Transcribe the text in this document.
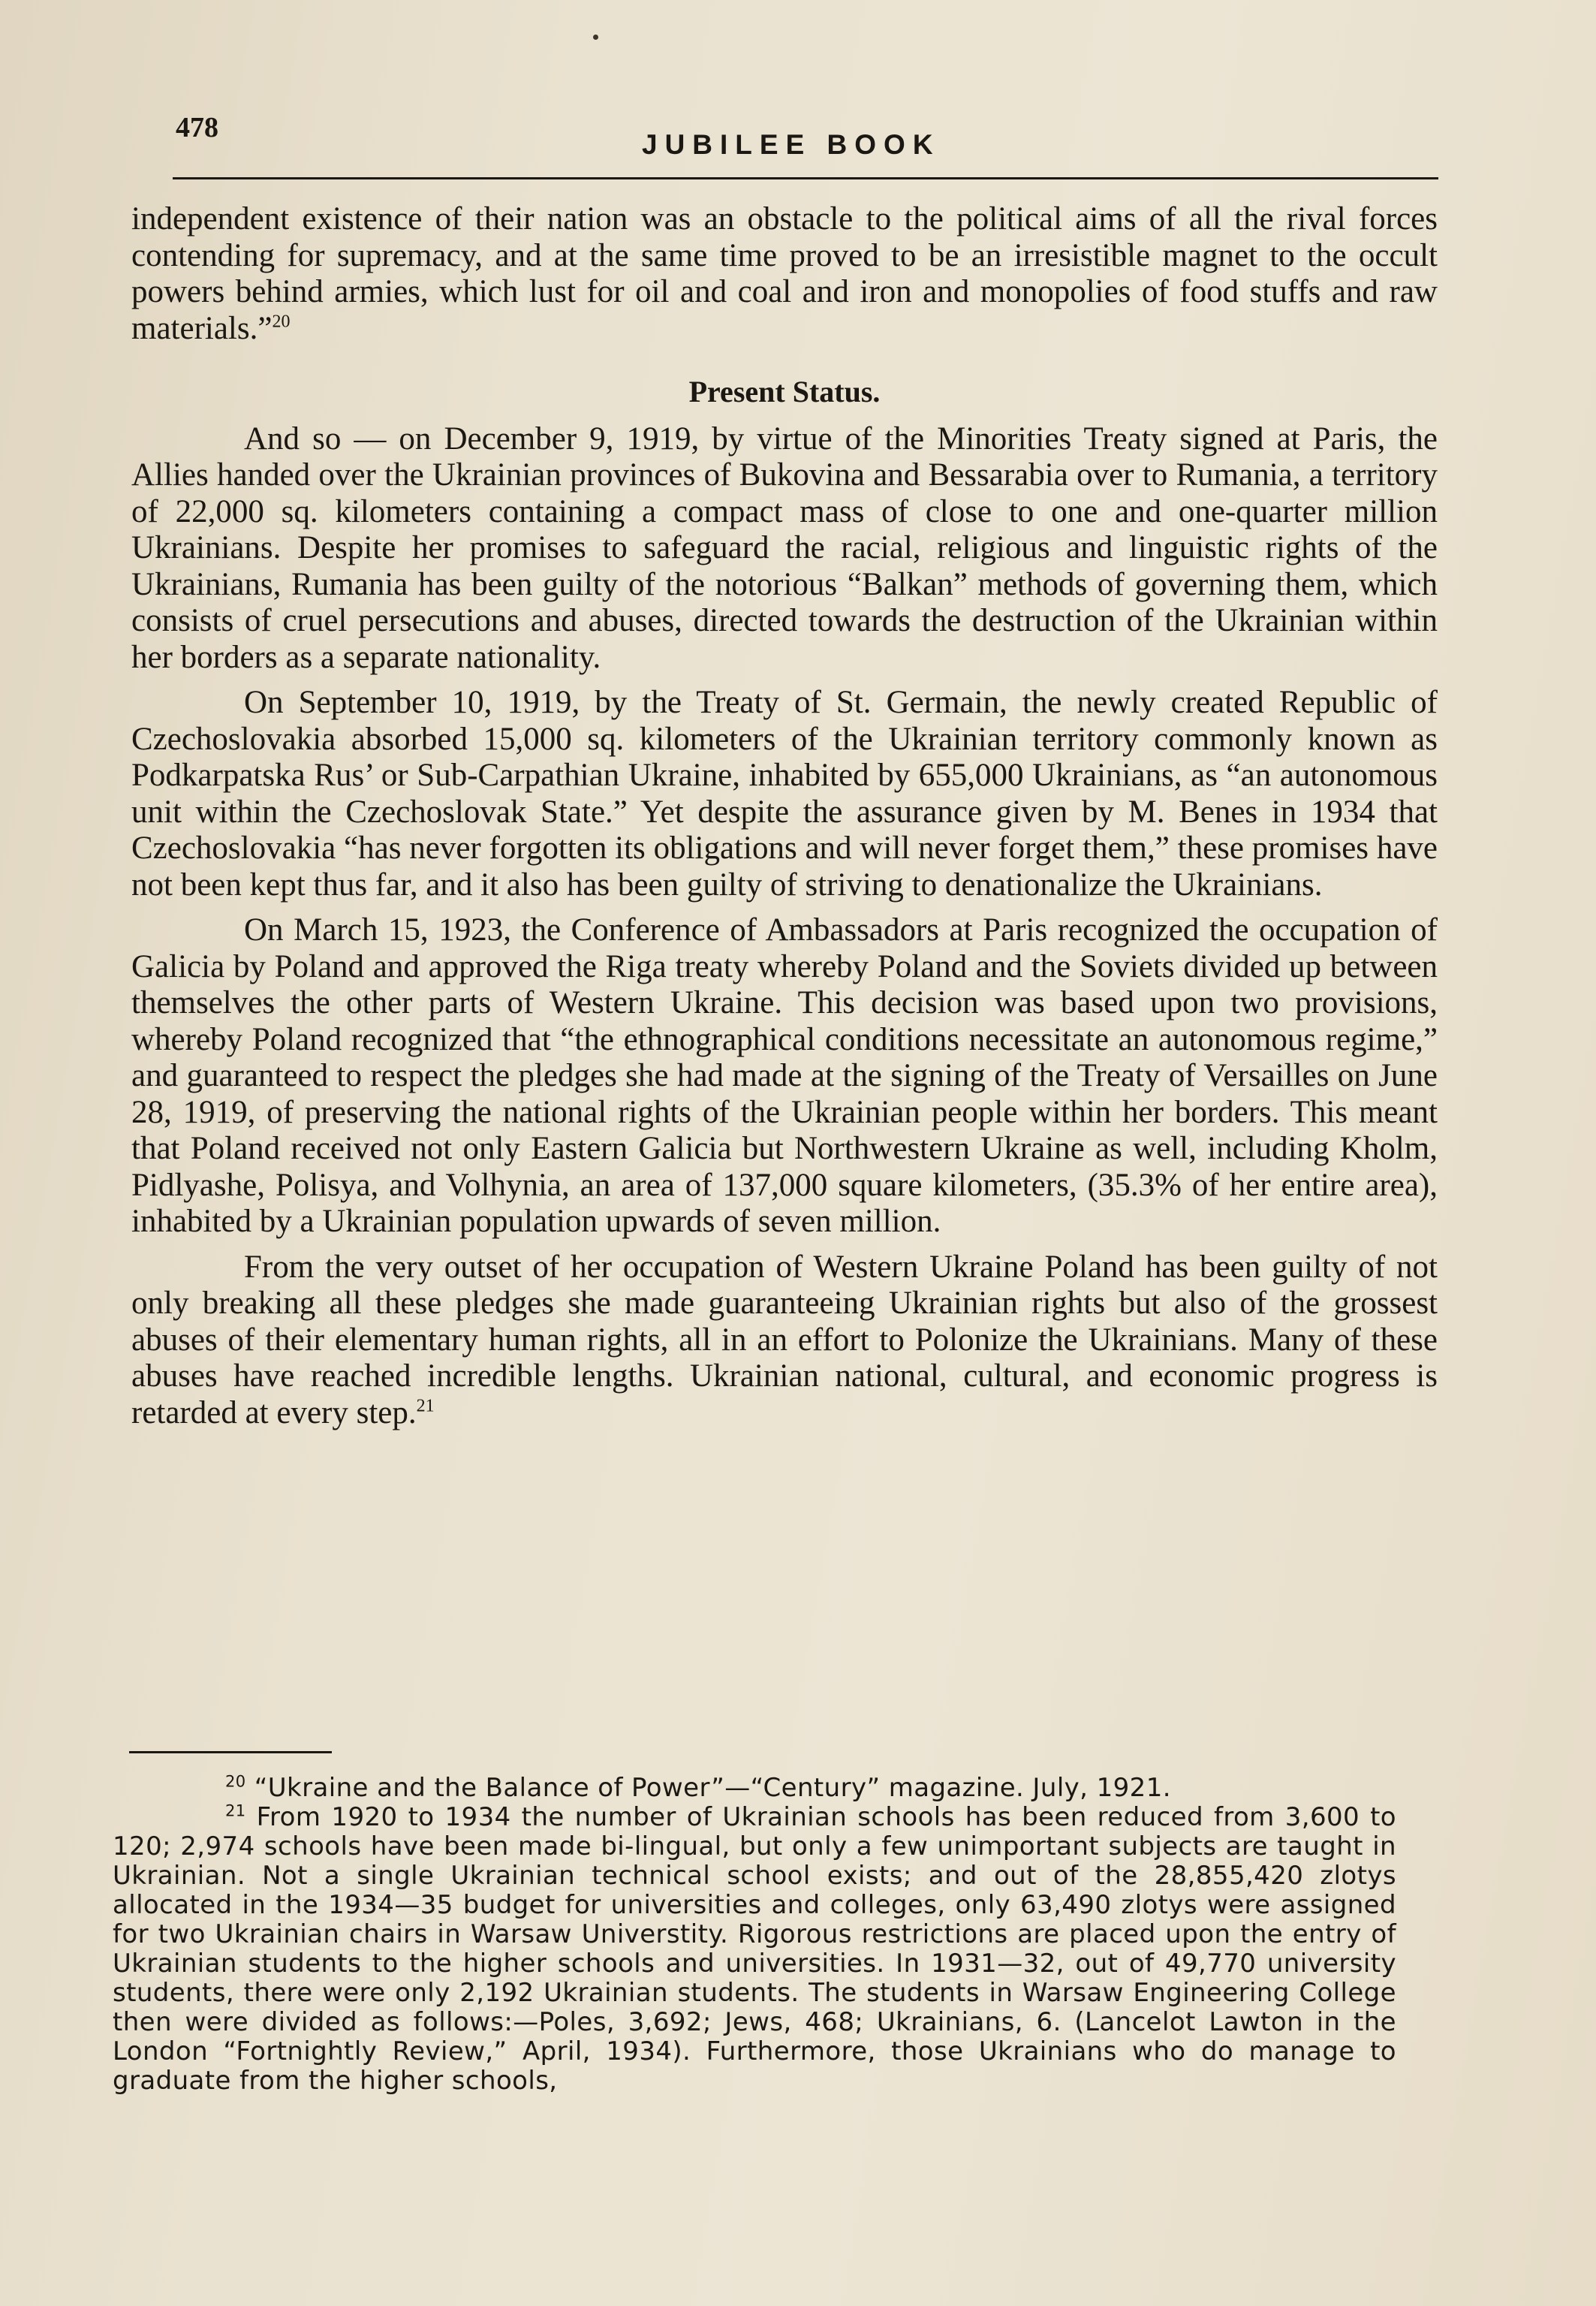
478
JUBILEE BOOK

independent existence of their nation was an obstacle to the political aims of all the rival forces contending for supremacy, and at the same time proved to be an irresistible magnet to the occult powers behind armies, which lust for oil and coal and iron and monopolies of food stuffs and raw materials.”$^{20}$

Present Status.

And so — on December 9, 1919, by virtue of the Minorities Treaty signed at Paris, the Allies handed over the Ukrainian provinces of Bukovina and Bessarabia over to Rumania, a territory of 22,000 sq. kilometers containing a compact mass of close to one and one-quarter million Ukrainians. Despite her promises to safeguard the racial, religious and linguistic rights of the Ukrainians, Rumania has been guilty of the notorious “Balkan” methods of governing them, which consists of cruel persecutions and abuses, directed towards the destruction of the Ukrainian within her borders as a separate nationality.

On September 10, 1919, by the Treaty of St. Germain, the newly created Republic of Czechoslovakia absorbed 15,000 sq. kilometers of the Ukrainian territory commonly known as Podkarpatska Rus’ or Sub-Carpathian Ukraine, inhabited by 655,000 Ukrainians, as “an autonomous unit within the Czechoslovak State.” Yet despite the assurance given by M. Benes in 1934 that Czechoslovakia “has never forgotten its obligations and will never forget them,” these promises have not been kept thus far, and it also has been guilty of striving to denationalize the Ukrainians.

On March 15, 1923, the Conference of Ambassadors at Paris recognized the occupation of Galicia by Poland and approved the Riga treaty whereby Poland and the Soviets divided up between themselves the other parts of Western Ukraine. This decision was based upon two provisions, whereby Poland recognized that “the ethnographical conditions necessitate an autonomous regime,” and guaranteed to respect the pledges she had made at the signing of the Treaty of Versailles on June 28, 1919, of preserving the national rights of the Ukrainian people within her borders. This meant that Poland received not only Eastern Galicia but Northwestern Ukraine as well, including Kholm, Pidlyashe, Polisya, and Volhynia, an area of 137,000 square kilometers, (35.3% of her entire area), inhabited by a Ukrainian population upwards of seven million.

From the very outset of her occupation of Western Ukraine Poland has been guilty of not only breaking all these pledges she made guaranteeing Ukrainian rights but also of the grossest abuses of their elementary human rights, all in an effort to Polonize the Ukrainians. Many of these abuses have reached incredible lengths. Ukrainian national, cultural, and economic progress is retarded at every step.$^{21}$

$^{20}$ “Ukraine and the Balance of Power”—“Century” magazine. July, 1921.

$^{21}$ From 1920 to 1934 the number of Ukrainian schools has been reduced from 3,600 to 120; 2,974 schools have been made bi-lingual, but only a few unimportant subjects are taught in Ukrainian. Not a single Ukrainian technical school exists; and out of the 28,855,420 zlotys allocated in the 1934—35 budget for universities and colleges, only 63,490 zlotys were assigned for two Ukrainian chairs in Warsaw Universtity. Rigorous restrictions are placed upon the entry of Ukrainian students to the higher schools and universities. In 1931—32, out of 49,770 university students, there were only 2,192 Ukrainian students. The students in Warsaw Engineering College then were divided as follows:—Poles, 3,692; Jews, 468; Ukrainians, 6. (Lancelot Lawton in the London “Fortnightly Review,” April, 1934). Furthermore, those Ukrainians who do manage to graduate from the higher schools,
